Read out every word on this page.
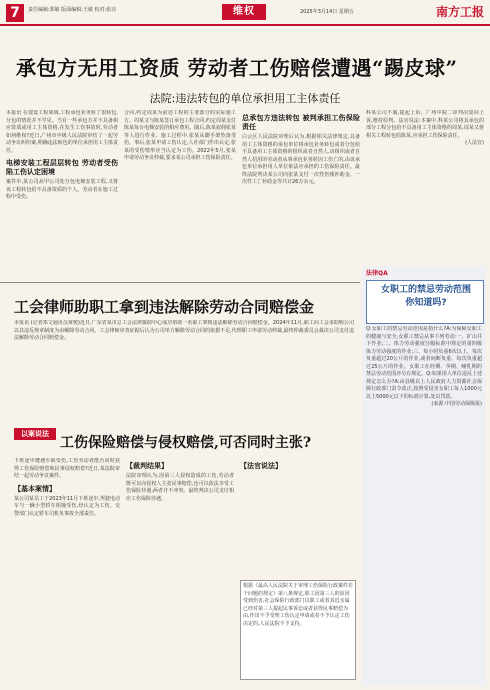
7	责任编辑:郑敏 版面编辑:王敏 校对:张亮	维权	2025年3月14日 星期五	南方工报
承包方无用工资质 劳动者工伤赔偿遭遇“踢皮球”
法院:违法转包的单位承担用工主体责任
本报讯 在建设工程领域,工程承包业务转了很转包,分包的情况并不罕见。当有一些承包方并不具备相应资质或用工主体资格,在发生工伤事故时,劳动者如何维权?近日,广州市中级人民法院审结了一起劳动争议纠纷案,明确违法转包的单位承担用工主体责任。
电梯安装工程层层转包 劳动者受伤陷工伤认定困境
案件中,某公司从甲公司处分包电梯安装工程,又将该工程转包给不具备资质的个人。劳动者在施工过程中受伤。
合同,约定周某为前述工程的主要部分的实际施工方。周某又与陈某签订承包工程合同,约定周某支付陈某每台电梯安装的相应费用。随后,陈某雇佣张某等人进行作业。施工过程中,张某从脚手架坠落受伤。事后,张某申请工伤认定,人社部门作出认定,张某的受伤情形应当认定为工伤。2022年5月,张某申请劳动争议仲裁,要求某公司承担工伤保险责任。
总承包方违法转包 被判承担工伤保险责任
白云区人民法院审理后认为,根据相关法律规定,具备用工主体资格的承包单位将承包业务转包或者分包给不具备用工主体资格的组织或者自然人,该组织或者自然人招用的劳动者从事承包业务时因工伤亡的,由该承包单位承担用人单位依法应承担的工伤保险责任。最终法院判决某公司向张某支付一次性伤残补助金、一次性工亡补助金等共计26万余元。
科某公司不服,提起上诉。广州中院二审判决驳回上诉,维持原判。法官说法:本案中,科某公司将其承包的部分工程分包给不具备用工主体资格的周某,周某又将相关工程转包给陈某,应承担工伤保险责任。
(人法宣)
工会律师助职工拿到违法解除劳动合同赔偿金
本报讯 (记者郑文通讯员黄媛)近日,广东省某市总工会法律援助中心成功帮助一名职工拿到违法解除劳动合同赔偿金。2024年11月,职工向工会求助称公司以其违反规章制度为由解除劳动合同。工会律师审查证据后认为公司单方解除劳动合同的依据不足,代理职工申请劳动仲裁,最终仲裁委员会裁决公司支付违法解除劳动合同赔偿金。
以案说法
工伤保险赔偿与侵权赔偿,可否同时主张?
下班途中遭遇车祸受伤,工伤劳动者能否同时获得工伤保险赔偿和民事侵权赔偿?近日,某法院审结一起劳动争议案件。
【基本案情】
某公司某员工于2023年11月下班途中,驾驶电动车与一辆小型轿车相撞受伤,经认定为工伤。交警部门认定轿车司机负事故全部责任。
【裁判结果】
法院审理认为,因第三人侵权造成的工伤,劳动者既可以向侵权人主张民事赔偿,也可以依法享受工伤保险待遇,两者并不冲突。最终判决公司支付相应工伤保险待遇。
【法官说法】
根据《最高人民法院关于审理工伤保险行政案件若干问题的规定》第八条规定,职工因第三人的原因受到伤害,社会保险行政部门以职工或者其近亲属已经对第三人提起民事诉讼或者获得民事赔偿为由,作出不予受理工伤认定申请或者不予认定工伤决定的,人民法院不予支持。
法律QA
女职工的禁忌劳动范围你知道吗?
Q:女职工的禁忌劳动范围是指什么?A:为保障女职工的健康与安全,女职工禁忌从事下列劳动:一、矿山井下作业;二、体力劳动强度分级标准中规定的第四级体力劳动强度的作业;三、每小时负重6次以上、每次负重超过20公斤的作业,或者间断负重、每次负重超过25公斤的作业。女职工在经期、孕期、哺乳期的禁忌劳动范围亦另有规定。Q:如果用人单位违反上述规定怎么办?A:由县级以上人民政府人力资源社会保障行政部门责令改正,按照受侵害女职工每人1000元以上5000元以下的标准计算,处以罚款。
(来源:中国劳动保障报)
